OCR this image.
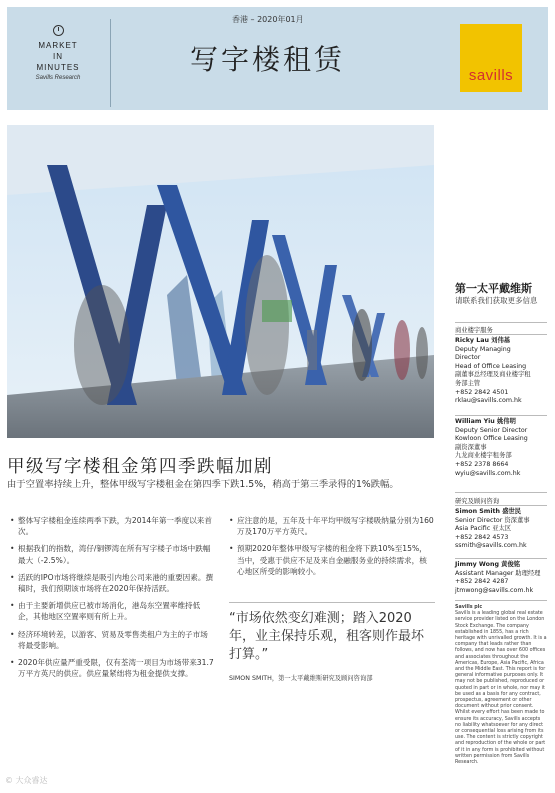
MARKET
IN
MINUTES
Savills Research
香港 – 2020年01月
写字楼租赁	savills
第一太平戴维斯
请联系我们获取更多信息
商业楼宇服务
Ricky Lau 刘伟基
Deputy Managing
Director
Head of Office Leasing
副董事总经理及商业楼宇租
务部主管
+852 2842 4501
rklau@savills.com.hk
William Yiu 姚伟明
Deputy Senior Director
Kowloon Office Leasing
副资深董事
九龙商业楼宇租务部
+852 2378 8664
wyiu@savills.com.hk
研究及顾问咨询
Simon Smith 盛世民
Senior Director 资深董事
Asia Pacific 亚太区
+852 2842 4573
ssmith@savills.com.hk
Jimmy Wong 黄俊铭
Assistant Manager 助理经理
+852 2842 4287
jtmwong@savills.com.hk
Savills plc
Savills is a leading global real estate service provider listed on the London Stock Exchange. The company established in 1855, has a rich heritage with unrivalled growth. It is a company that leads rather than follows, and now has over 600 offices and associates throughout the Americas, Europe, Asia Pacific, Africa and the Middle East. This report is for general informative purposes only. It may not be published, reproduced or quoted in part or in whole, nor may it be used as a basis for any contract, prospectus, agreement or other document without prior consent. Whilst every effort has been made to ensure its accuracy, Savills accepts no liability whatsoever for any direct or consequential loss arising from its use. The content is strictly copyright and reproduction of the whole or part of it in any form is prohibited without written permission from Savills Research.
甲级写字楼租金第四季跌幅加剧
由于空置率持续上升，整体甲级写字楼租金在第四季下跌1.5%，稍高于第三季录得的1%跌幅。
• 整体写字楼租金连续两季下跌，为2014年第一季度以来首次。
• 根据我们的指数，湾仔/铜锣湾在所有写字楼子市场中跌幅最大（-2.5%）。
• 活跃的IPO市场将继续是吸引内地公司来港的重要因素。撰稿时，我们预期该市场将在2020年保持活跃。
• 由于主要新增供应已被市场消化，港岛东空置率维持低企，其他地区空置率则有所上升。
• 经济环境转差，以游客、贸易及零售类租户为主的子市场将最受影响。
• 2020年供应量严重受限，仅有荃湾一项目为市场带来31.7万平方英尺的供应。供应量紧绌将为租金提供支撑。
• 应注意的是，五年及十年平均甲级写字楼吸纳量分别为160万及170万平方英尺。
• 预期2020年整体甲级写字楼的租金将下跌10%至15%，当中，受惠于供应不足及来自金融服务业的持续需求，核心地区所受的影响较小。
“市场依然变幻难测；踏入2020年，业主保持乐观，租客则作最坏打算。”
SIMON SMITH，第一太平戴维斯研究及顾问咨询部
© 大众睿达
